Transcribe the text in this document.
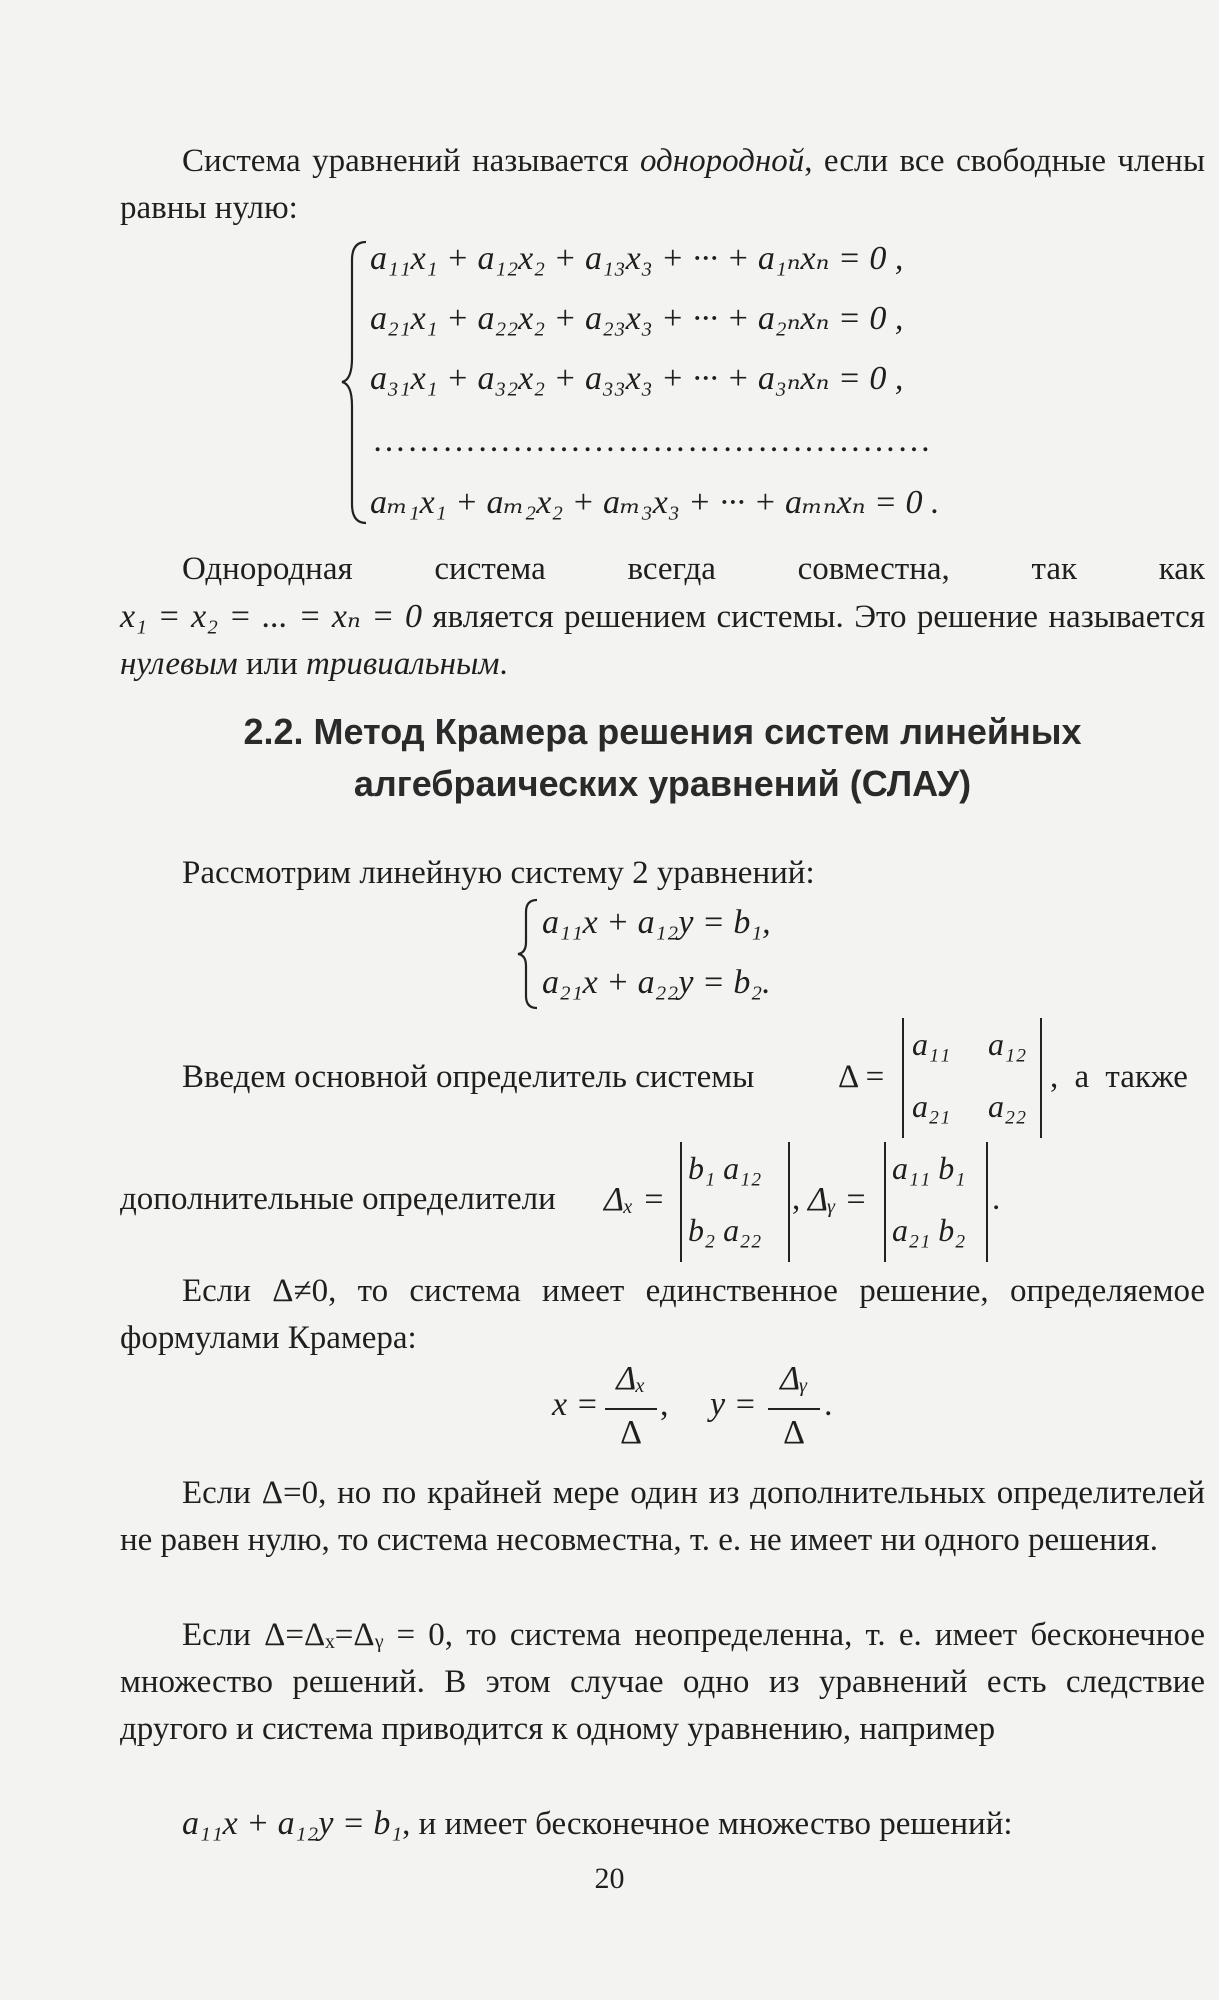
Система уравнений называется однородной, если все свободные члены равны нулю:
a₁₁x₁ + a₁₂x₂ + a₁₃x₃ + ··· + a₁ₙxₙ = 0 ,
a₂₁x₁ + a₂₂x₂ + a₂₃x₃ + ··· + a₂ₙxₙ = 0 ,
a₃₁x₁ + a₃₂x₂ + a₃₃x₃ + ··· + a₃ₙxₙ = 0 ,
…………………………………………
aₘ₁x₁ + aₘ₂x₂ + aₘ₃x₃ + ··· + aₘₙxₙ = 0 .
Однородная система всегда совместна, так как
x₁ = x₂ = ... = xₙ = 0 является решением системы. Это решение называется нулевым или тривиальным.
2.2. Метод Крамера решения систем линейных
алгебраических уравнений (СЛАУ)
Рассмотрим линейную систему 2 уравнений:
a₁₁x + a₁₂y = b₁,
a₂₁x + a₂₂y = b₂.
Введем основной определитель системы	Δ =
a₁₁ a₁₂
a₂₁ a₂₂
, а также
дополнительные определители Δₓ =
b₁ a₁₂
b₂ a₂₂
, Δᵧ =
a₁₁ b₁
a₂₁ b₂
.
Если Δ≠0, то система имеет единственное решение, определяемое формулами Крамера:
x =
Δₓ
Δ
, y =
Δᵧ
Δ
.
Если Δ=0, но по крайней мере один из дополнительных определителей не равен нулю, то система несовместна, т. е. не имеет ни одного решения.
Если Δ=Δₓ=Δᵧ = 0, то система неопределенна, т. е. имеет бесконечное множество решений. В этом случае одно из уравнений есть следствие другого и система приводится к одному уравнению, например
a₁₁x + a₁₂y = b₁, и имеет бесконечное множество решений:
20
